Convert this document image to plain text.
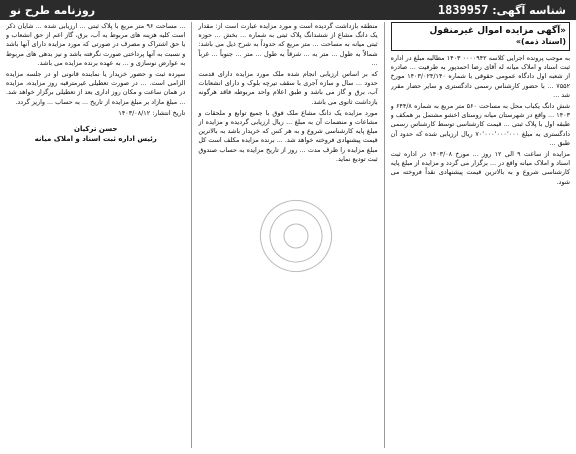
شناسه آگهی: 1839957
روزنامه طرح نو
«آگهی مزایده اموال غیرمنقول
(اسناد ذمه)»

به موجب پرونده اجرایی کلاسه ۰۰۰۰۹۴۲ ۱۴۰۳ مطالبه مبلغ در اداره ثبت اسناد و املاک میانه له آقای رضا احمدپور به طرفیت ... صادره از شعبه اول دادگاه عمومی حقوقی با شماره ۱۴۰۳/۰۲۴/۱۴۰ مورخ ۷۵۵۲ ... با حضور کارشناس رسمی دادگستری و سایر حضار مقرر شد ...

شش دانگ یکباب محل به مساحت ۵۶۰ متر مربع به شماره ۶۴۴/۸ و ۱۴۰۳ ... واقع در شهرستان میانه روستای اخشو مشتمل بر همکف و طبقه اول با پلاک ثبتی ... قیمت کارشناسی توسط کارشناس رسمی دادگستری به مبلغ ۷۰٬۰۰۰٬۰۰۰٬۰۰۰ ریال ارزیابی شده که حدود آن طبق ...

مزایده از ساعت ۹ الی ۱۲ روز ... مورخ ۱۴۰۳/۰۸ در اداره ثبت اسناد و املاک میانه واقع در ... برگزار می گردد و مزایده از مبلغ پایه کارشناسی شروع و به بالاترین قیمت پیشنهادی نقداً فروخته می شود.

منطقه بازداشت گردیده است و مورد مزایده عبارت است از: مقدار یک دانگ مشاع از ششدانگ پلاک ثبتی به شماره ... بخش ... حوزه ثبتی میانه به مساحت ... متر مربع که حدوداً به شرح ذیل می باشد: شمالاً به طول ... متر به ... شرقاً به طول ... متر ... جنوباً ... غرباً ...

که بر اساس ارزیابی انجام شده ملک مورد مزایده دارای قدمت حدود ... سال و سازه آجری با سقف تیرچه بلوک و دارای انشعابات آب، برق و گاز می باشد و طبق اعلام واحد مربوطه فاقد هرگونه بازداشت ثانوی می باشد.

مورد مزایده یک دانگ مشاع ملک فوق با جمیع توابع و ملحقات و مشاعات و منضمات آن به مبلغ ... ریال ارزیابی گردیده و مزایده از مبلغ پایه کارشناسی شروع و به هر کس که خریدار باشد به بالاترین قیمت پیشنهادی فروخته خواهد شد. ... برنده مزایده مکلف است کل مبلغ مزایده را ظرف مدت ... روز از تاریخ مزایده به حساب صندوق ثبت تودیع نماید.

... مساحت ۹۶ متر مربع با پلاک ثبتی ... ارزیابی شده ... شایان ذکر است کلیه هزینه های مربوط به آب، برق، گاز اعم از حق انشعاب و یا حق اشتراک و مصرف در صورتی که مورد مزایده دارای آنها باشد و نسبت به آنها پرداختی صورت نگرفته باشد و نیز بدهی های مربوط به عوارض نوسازی و ... به عهده برنده مزایده می باشد.

سپرده ثبت و حضور خریدار یا نماینده قانونی او در جلسه مزایده الزامی است. ... در صورت تعطیلی غیرمترقبه روز مزایده، مزایده در همان ساعت و مکان روز اداری بعد از تعطیلی برگزار خواهد شد. ... مبلغ مازاد بر مبلغ مزایده از تاریخ ... به حساب ... واریز گردد.

تاریخ انتشار: ۱۴۰۳/۰۸/۱۲

حسن ترکیان
رئیس اداره ثبت اسناد و املاک میانه
